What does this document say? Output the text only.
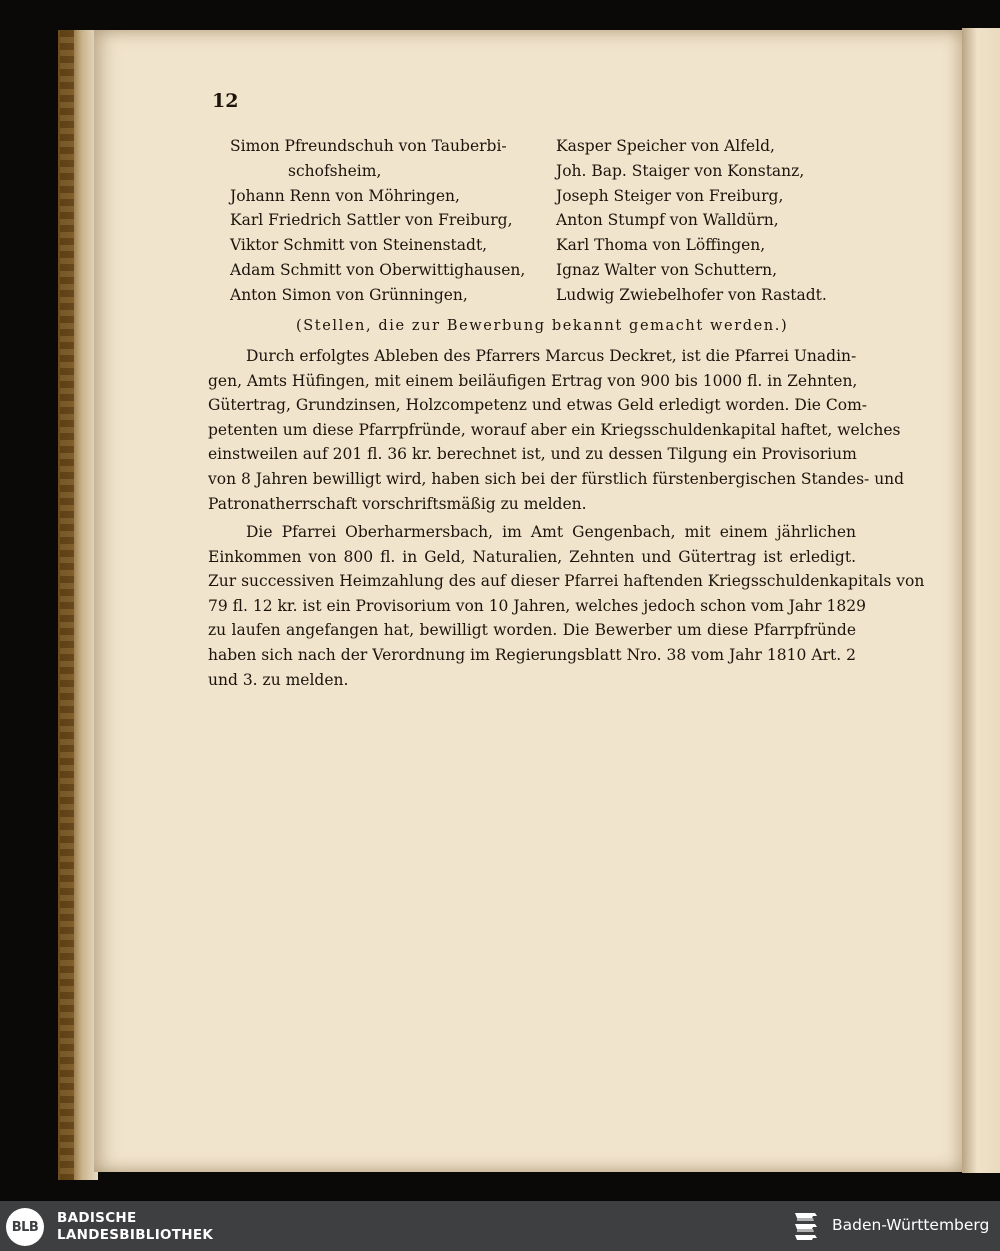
12
Simon Pfreundschuh von Tauberbi-
schofsheim,
Johann Renn von Möhringen,
Karl Friedrich Sattler von Freiburg,
Viktor Schmitt von Steinenstadt,
Adam Schmitt von Oberwittighausen,
Anton Simon von Grünningen,
Kasper Speicher von Alfeld,
Joh. Bap. Staiger von Konstanz,
Joseph Steiger von Freiburg,
Anton Stumpf von Walldürn,
Karl Thoma von Löffingen,
Ignaz Walter von Schuttern,
Ludwig Zwiebelhofer von Rastadt.
(Stellen, die zur Bewerbung bekannt gemacht werden.)
Durch erfolgtes Ableben des Pfarrers Marcus Deckret, ist die Pfarrei Unadin-
gen, Amts Hüfingen, mit einem beiläufigen Ertrag von 900 bis 1000 fl. in Zehnten,
Gütertrag, Grundzinsen, Holzcompetenz und etwas Geld erledigt worden. Die Com-
petenten um diese Pfarrpfründe, worauf aber ein Kriegsschuldenkapital haftet, welches
einstweilen auf 201 fl. 36 kr. berechnet ist, und zu dessen Tilgung ein Provisorium
von 8 Jahren bewilligt wird, haben sich bei der fürstlich fürstenbergischen Standes- und
Patronatherrschaft vorschriftsmäßig zu melden.
Die Pfarrei Oberharmersbach, im Amt Gengenbach, mit einem jährlichen
Einkommen von 800 fl. in Geld, Naturalien, Zehnten und Gütertrag ist erledigt.
Zur successiven Heimzahlung des auf dieser Pfarrei haftenden Kriegsschuldenkapitals von
79 fl. 12 kr. ist ein Provisorium von 10 Jahren, welches jedoch schon vom Jahr 1829
zu laufen angefangen hat, bewilligt worden. Die Bewerber um diese Pfarrpfründe
haben sich nach der Verordnung im Regierungsblatt Nro. 38 vom Jahr 1810 Art. 2
und 3. zu melden.
BLB
BADISCHE
LANDESBIBLIOTHEK
Baden-Württemberg
